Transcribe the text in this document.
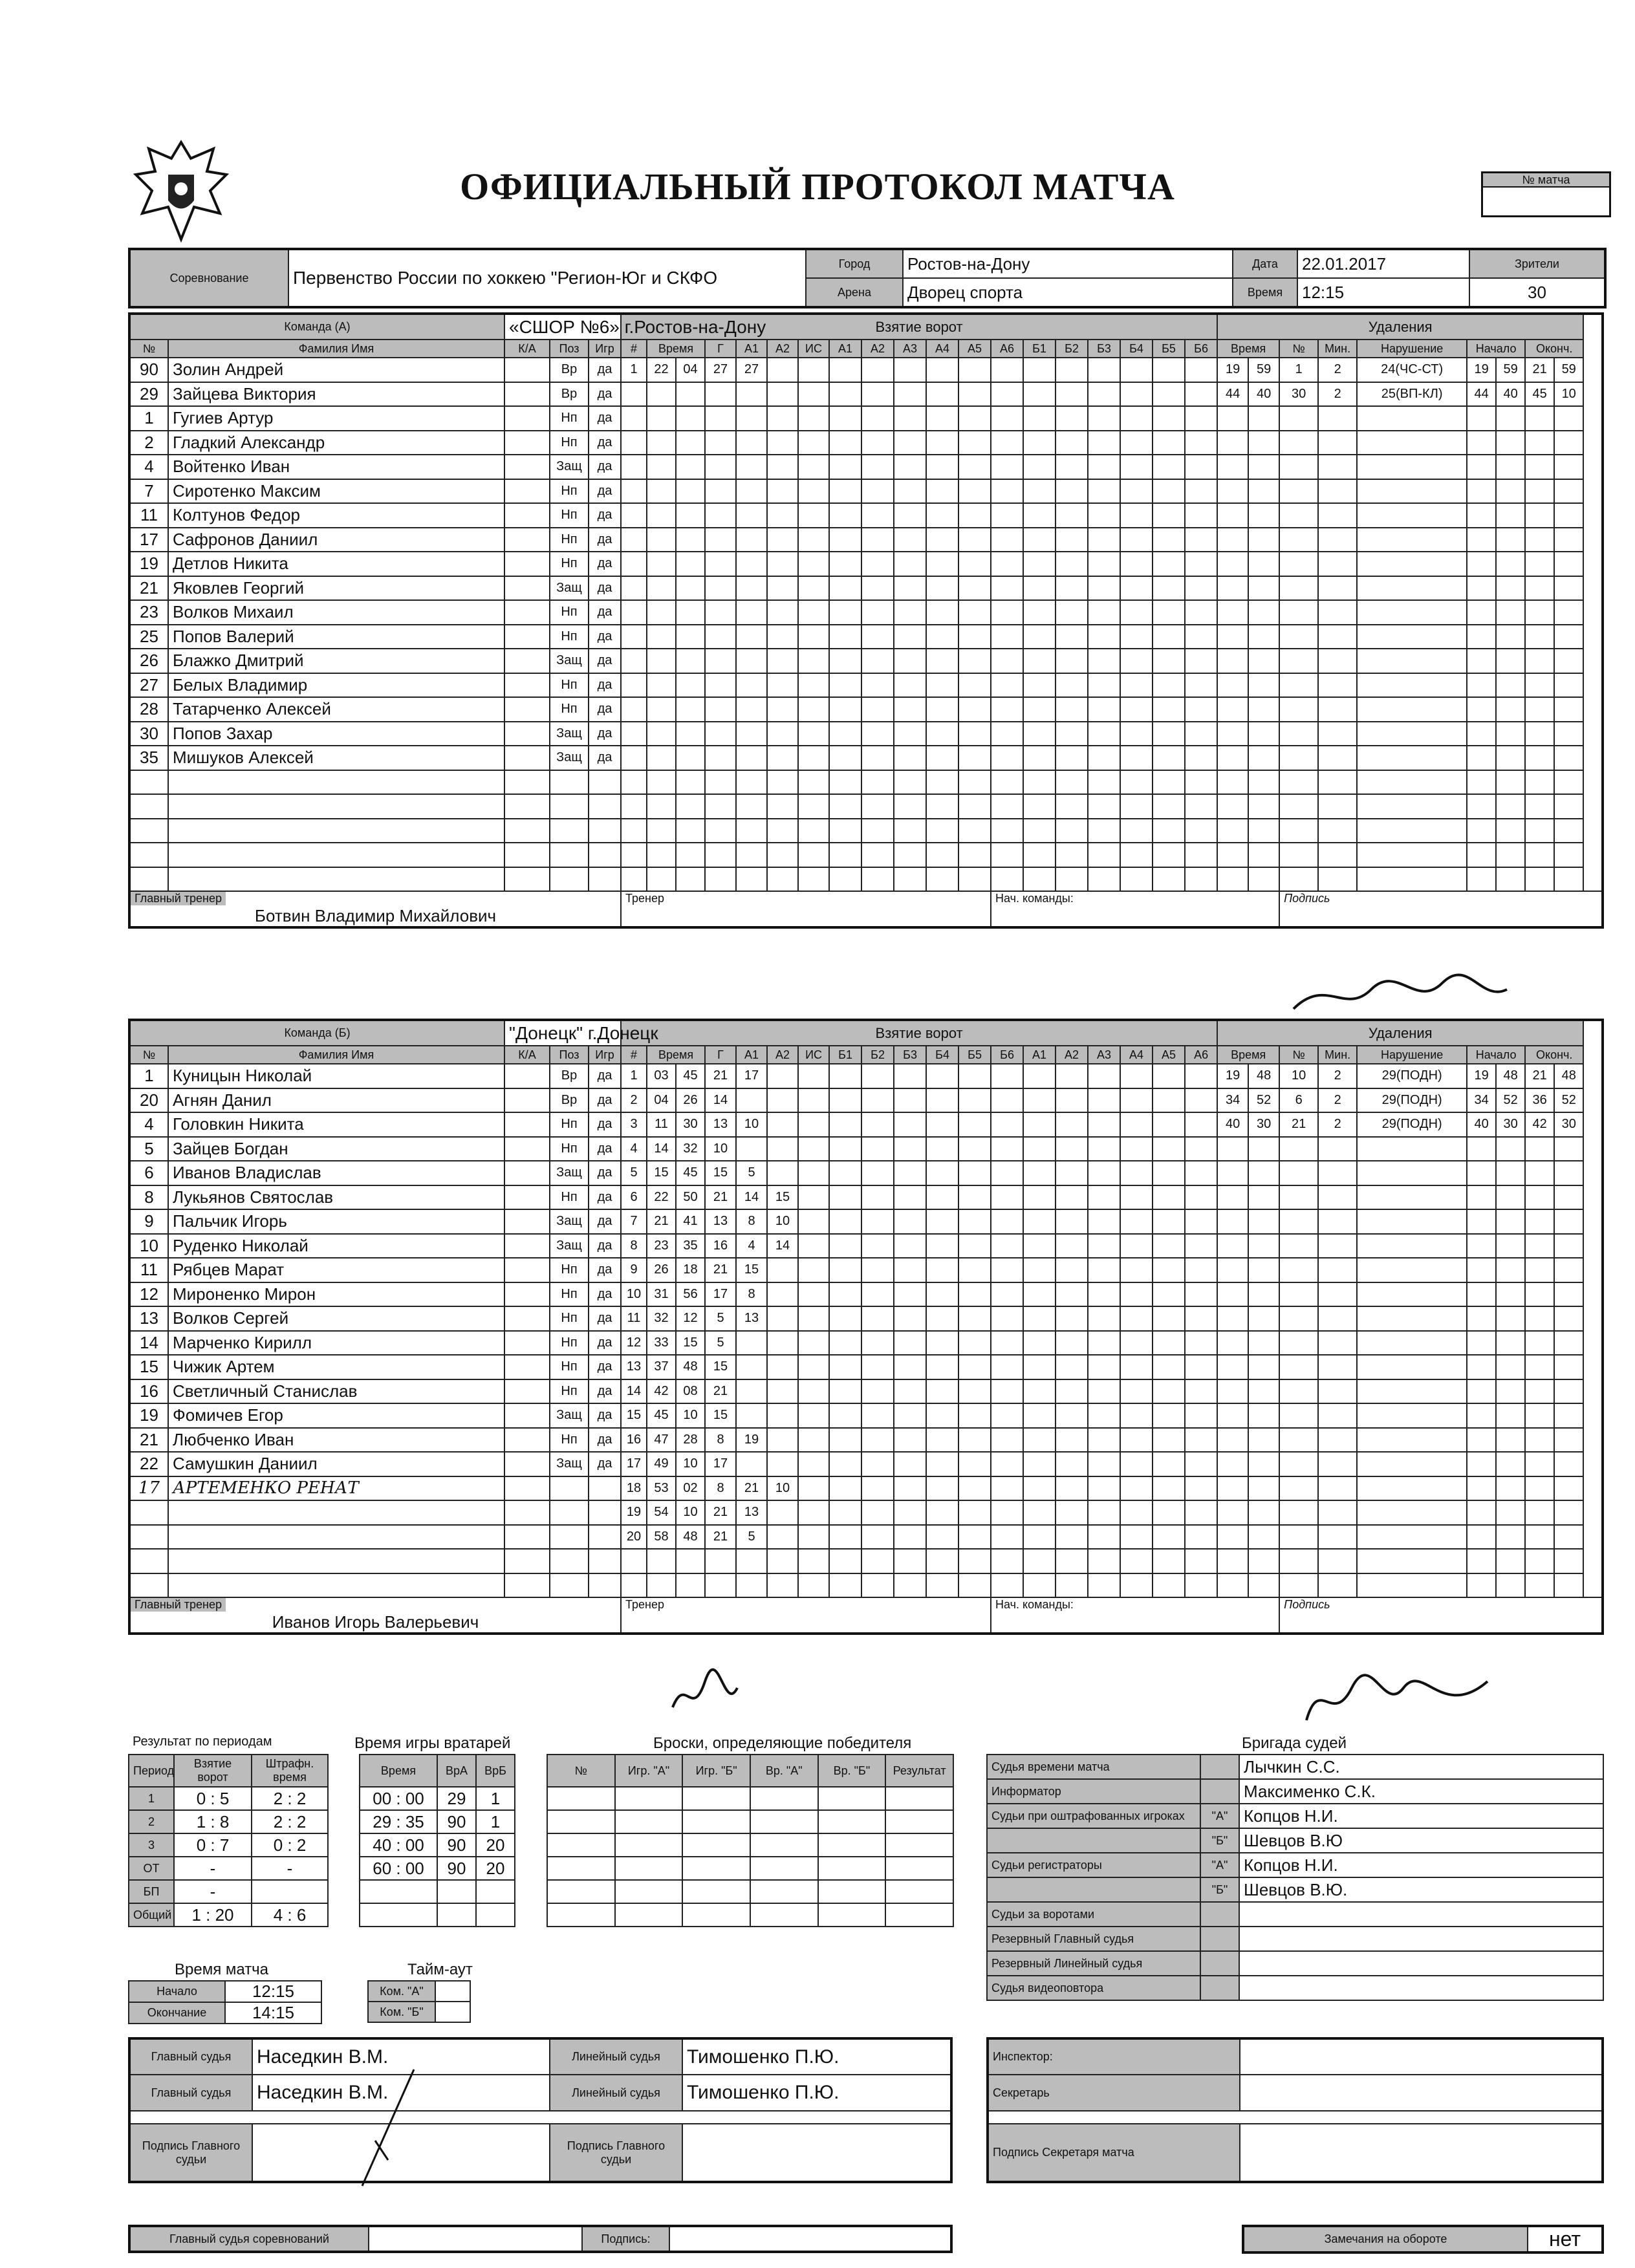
ОФИЦИАЛЬНЫЙ ПРОТОКОЛ МАТЧА	№ матча
Соревнование	Первенство России по хоккею "Регион-Юг и СКФО	Город	Ростов-на-Дону	Дата	22.01.2017	Зрители
		Арена	Дворец спорта	Время	12:15	30
Команда (А)		«СШОР №6» г.Ростов-на-Дону			Взятие ворот																			Удаления								
№	Фамилия Имя	К/А	Поз	Игр	#	Время		Г	А1	А2	ИС	А1	А2	А3	А4	А5	А6	Б1	Б2	Б3	Б4	Б5	Б6	Время		№	Мин.	Нарушение	Начало		Оконч.	
90	Золин Андрей		Вр	да	1	22	04	27	27															19	59	1	2	24(ЧС-СТ)	19	59	21	59
29	Зайцева Виктория		Вр	да																				44	40	30	2	25(ВП-КЛ)	44	40	45	10
1	Гугиев Артур		Нп	да																												
2	Гладкий Александр		Нп	да																												
4	Войтенко Иван		Защ	да																												
7	Сиротенко Максим		Нп	да																												
11	Колтунов Федор		Нп	да																												
17	Сафронов Даниил		Нп	да																												
19	Детлов Никита		Нп	да																												
21	Яковлев Георгий		Защ	да																												
23	Волков Михаил		Нп	да																												
25	Попов Валерий		Нп	да																												
26	Блажко Дмитрий		Защ	да																												
27	Белых Владимир		Нп	да																												
28	Татарченко Алексей		Нп	да																												
30	Попов Захар		Защ	да																												
35	Мишуков Алексей		Защ	да																												

Главный тренер
Ботвин Владимир Михайлович					Тренер												Нач. команды:									Подпись						
Команда (Б)		"Донецк" г.Донецк			Взятие ворот																			Удаления								
№	Фамилия Имя	К/А	Поз	Игр	#	Время		Г	А1	А2	ИС	Б1	Б2	Б3	Б4	Б5	Б6	А1	А2	А3	А4	А5	А6	Время		№	Мин.	Нарушение	Начало		Оконч.	
1	Куницын Николай		Вр	да	1	03	45	21	17															19	48	10	2	29(ПОДН)	19	48	21	48
20	Агнян Данил		Вр	да	2	04	26	14																34	52	6	2	29(ПОДН)	34	52	36	52
4	Головкин Никита		Нп	да	3	11	30	13	10															40	30	21	2	29(ПОДН)	40	30	42	30
5	Зайцев Богдан		Нп	да	4	14	32	10																								
6	Иванов Владислав		Защ	да	5	15	45	15	5																							
8	Лукьянов Святослав		Нп	да	6	22	50	21	14	15																						
9	Пальчик Игорь		Защ	да	7	21	41	13	8	10																						
10	Руденко Николай		Защ	да	8	23	35	16	4	14																						
11	Рябцев Марат		Нп	да	9	26	18	21	15																							
12	Мироненко Мирон		Нп	да	10	31	56	17	8																							
13	Волков Сергей		Нп	да	11	32	12	5	13																							
14	Марченко Кирилл		Нп	да	12	33	15	5																								
15	Чижик Артем		Нп	да	13	37	48	15																								
16	Светличный Станислав		Нп	да	14	42	08	21																								
19	Фомичев Егор		Защ	да	15	45	10	15																								
21	Любченко Иван		Нп	да	16	47	28	8	19																							
22	Самушкин Даниил		Защ	да	17	49	10	17																								
17	АРТЕМЕНКО РЕНАТ				18	53	02	8	21	10																						
					19	54	10	21	13																							
					20	58	48	21	5																							

Главный тренер
Иванов Игорь Валерьевич					Тренер												Нач. команды:									Подпись						
Результат по периодам
Период	Взятие ворот	Штрафн. время
1	0 : 5	2 : 2
2	1 : 8	2 : 2
3	0 : 7	0 : 2
ОТ	-	-
БП	-	
Общий	1 : 20	4 : 6
Время игры вратарей
Время	ВрА	ВрБ
00 : 00	29	1
29 : 35	90	1
40 : 00	90	20
60 : 00	90	20

Броски, определяющие победителя
№	Игр. "А"	Игр. "Б"	Вр. "А"	Вр. "Б"	Результат

Время матча
Начало	12:15
Окончание	14:15
Тайм-аут
Ком. "А"	
Ком. "Б"	
Бригада судей
Судья времени матча		Лычкин С.С.
Информатор		Максименко С.К.
Судьи при оштрафованных игроках	"А"	Копцов Н.И.
	"Б"	Шевцов В.Ю
Судьи регистраторы	"А"	Копцов Н.И.
	"Б"	Шевцов В.Ю.
Судьи за воротами		
Резервный Главный судья		
Резервный Линейный судья		
Судья видеоповтора		
Главный судья	Наседкин В.М.	Линейный судья	Тимошенко П.Ю.
Главный судья	Наседкин В.М.	Линейный судья	Тимошенко П.Ю.

Подпись Главного судьи		Подпись Главного судьи	
Инспектор:	
Секретарь	

Подпись Секретаря матча	
Главный судья соревнований		Подпись:		Замечания на обороте	нет
